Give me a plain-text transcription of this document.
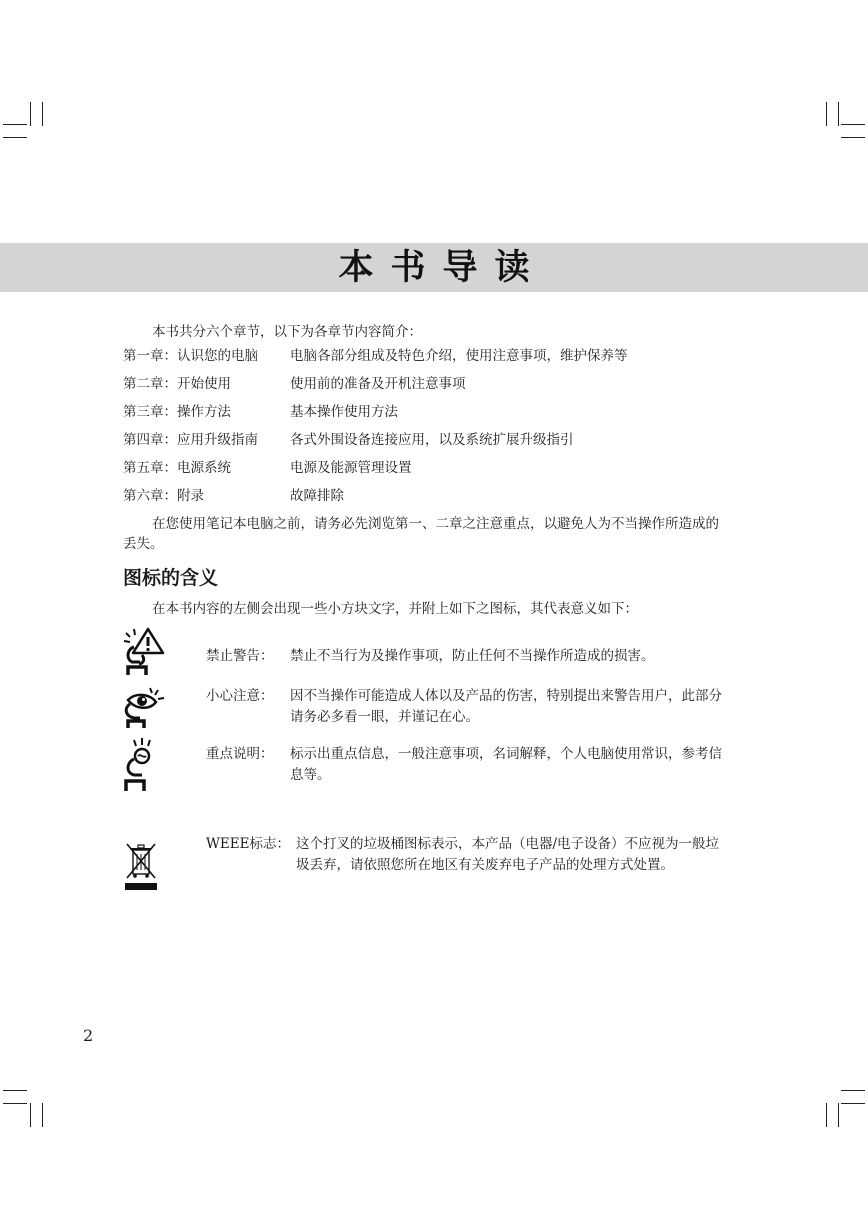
本书导读
本书共分六个章节，以下为各章节内容简介：
第一章：认识您的电脑 电脑各部分组成及特色介绍，使用注意事项，维护保养等
第二章：开始使用	使用前的准备及开机注意事项
第三章：操作方法	基本操作使用方法
第四章：应用升级指南 各式外围设备连接应用，以及系统扩展升级指引
第五章：电源系统	电源及能源管理设置
第六章：附录	故障排除
在您使用笔记本电脑之前，请务必先浏览第一、二章之注意重点，以避免人为不当操作所造成的丢失。
图标的含义
在本书内容的左侧会出现一些小方块文字，并附上如下之图标，其代表意义如下：
禁止警告： 禁止不当行为及操作事项，防止任何不当操作所造成的损害。
小心注意： 因不当操作可能造成人体以及产品的伤害，特别提出来警告用户，此部分请务必多看一眼，并谨记在心。
重点说明： 标示出重点信息，一般注意事项，名词解释，个人电脑使用常识，参考信息等。
WEEE标志： 这个打叉的垃圾桶图标表示，本产品（电器/电子设备）不应视为一般垃圾丢弃，请依照您所在地区有关废弃电子产品的处理方式处置。
2
